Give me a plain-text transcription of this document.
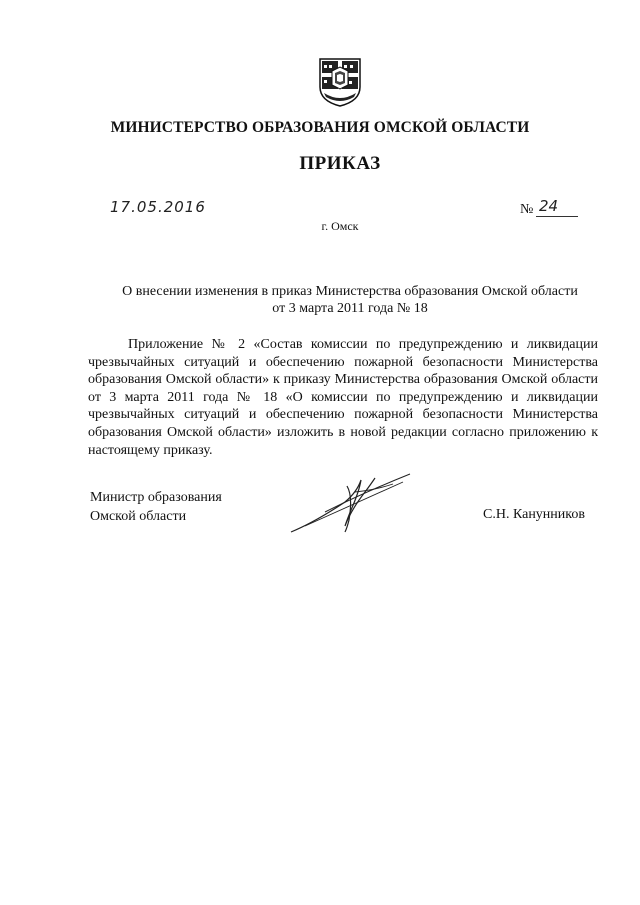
МИНИСТЕРСТВО ОБРАЗОВАНИЯ ОМСКОЙ ОБЛАСТИ
ПРИКАЗ
17.05.2016	№ 24
г. Омск
О внесении изменения в приказ Министерства образования Омской области
от 3 марта 2011 года № 18
Приложение № 2 «Состав комиссии по предупреждению и ликвидации чрезвычайных ситуаций и обеспечению пожарной безопасности Министерства образования Омской области» к приказу Министерства образования Омской области от 3 марта 2011 года № 18 «О комиссии по предупреждению и ликвидации чрезвычайных ситуаций и обеспечению пожарной безопасности Министерства образования Омской области» изложить в новой редакции согласно приложению к настоящему приказу.
Министр образования
Омской области	С.Н. Канунников
